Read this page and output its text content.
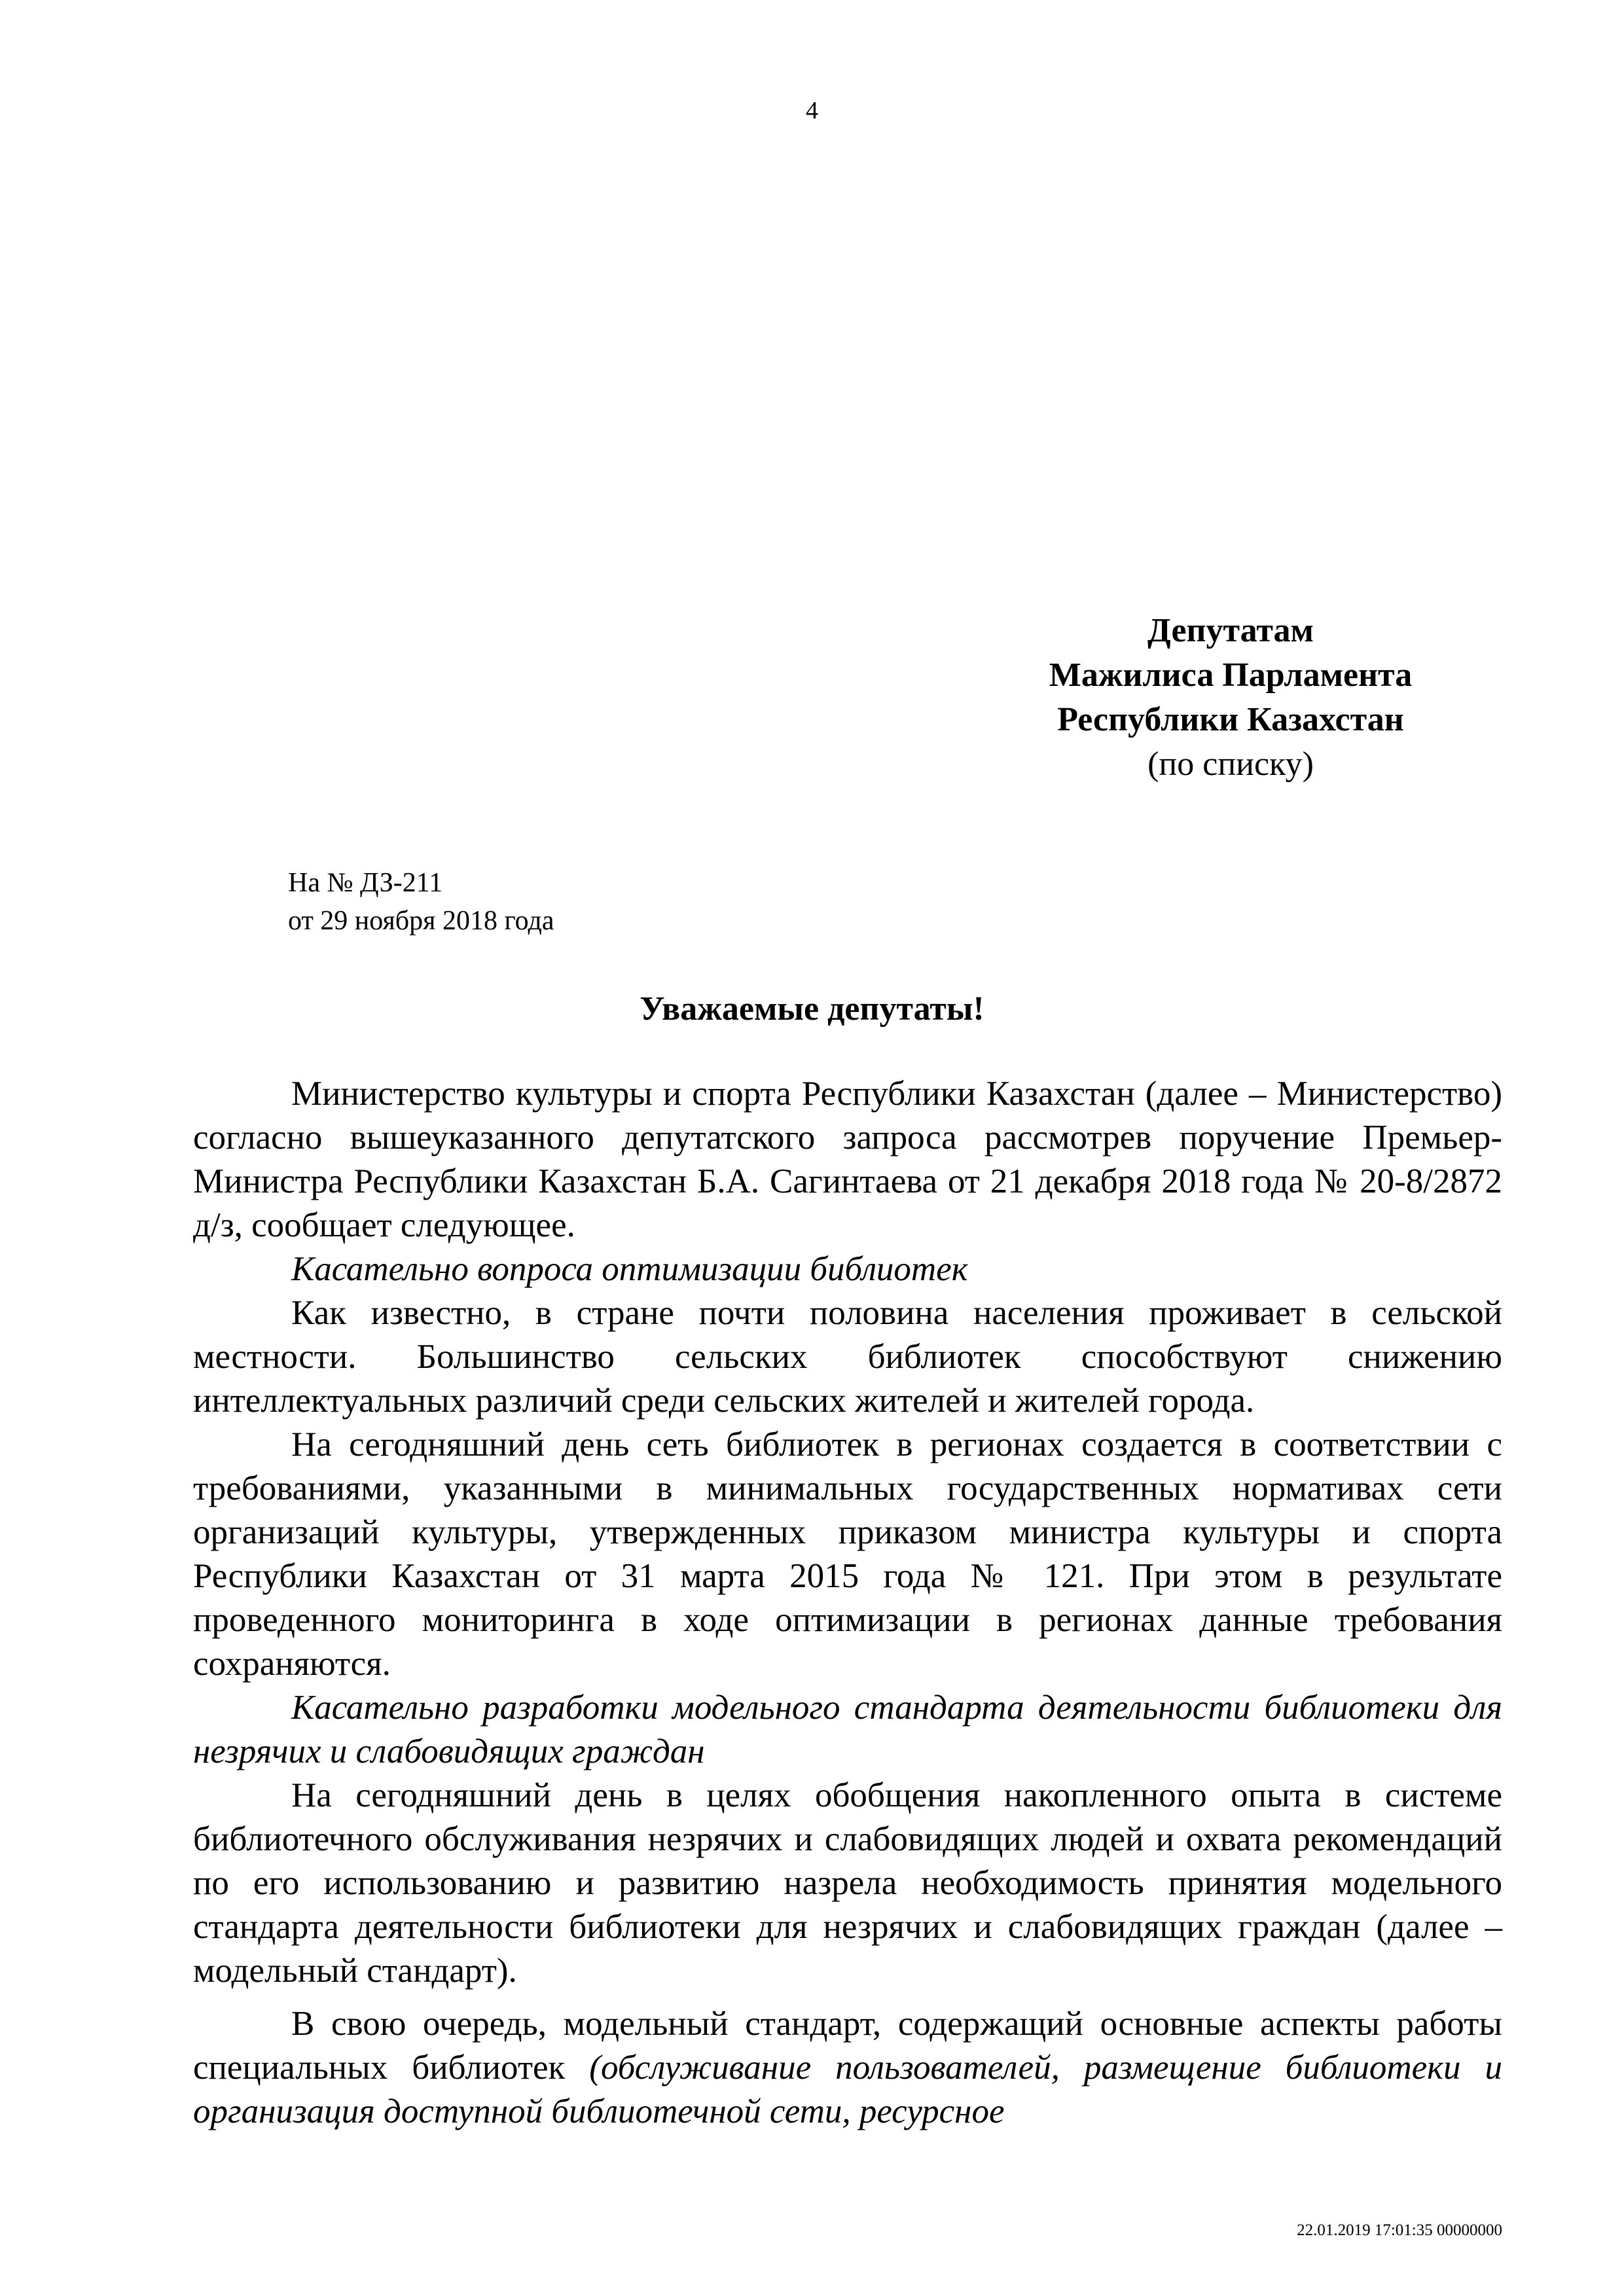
4
Депутатам
Мажилиса Парламента
Республики Казахстан
(по списку)
На № ДЗ-211
от 29 ноября 2018 года
Уважаемые депутаты!

Министерство культуры и спорта Республики Казахстан (далее – Министерство) согласно вышеуказанного депутатского запроса рассмотрев поручение Премьер-Министра Республики Казахстан Б.А. Сагинтаева от 21 декабря 2018 года № 20-8/2872 д/з, сообщает следующее.

Касательно вопроса оптимизации библиотек

Как известно, в стране почти половина населения проживает в сельской местности. Большинство сельских библиотек способствуют снижению интеллектуальных различий среди сельских жителей и жителей города.

На сегодняшний день сеть библиотек в регионах создается в соответствии с требованиями, указанными в минимальных государственных нормативах сети организаций культуры, утвержденных приказом министра культуры и спорта Республики Казахстан от 31 марта 2015 года № 121. При этом в результате проведенного мониторинга в ходе оптимизации в регионах данные требования сохраняются.

Касательно разработки модельного стандарта деятельности библиотеки для незрячих и слабовидящих граждан

На сегодняшний день в целях обобщения накопленного опыта в системе библиотечного обслуживания незрячих и слабовидящих людей и охвата рекомендаций по его использованию и развитию назрела необходимость принятия модельного стандарта деятельности библиотеки для незрячих и слабовидящих граждан (далее – модельный стандарт).

В свою очередь, модельный стандарт, содержащий основные аспекты работы специальных библиотек (обслуживание пользователей, размещение библиотеки и организация доступной библиотечной сети, ресурсное

22.01.2019 17:01:35 00000000
